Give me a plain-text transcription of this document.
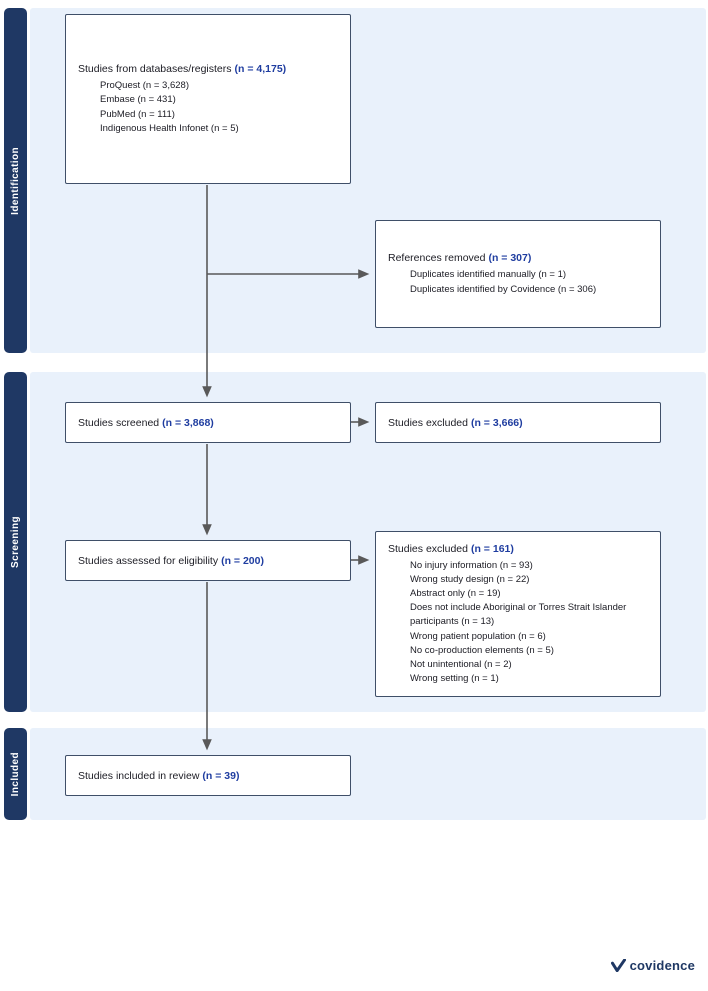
Identification
Screening
Included
Studies from databases/registers (n = 4,175)
ProQuest (n = 3,628)
Embase (n = 431)
PubMed (n = 111)
Indigenous Health Infonet (n = 5)
References removed (n = 307)
Duplicates identified manually (n = 1)
Duplicates identified by Covidence (n = 306)
Studies screened (n = 3,868)	Studies excluded (n = 3,666)
Studies assessed for eligibility (n = 200)
Studies excluded (n = 161)
No injury information (n = 93)
Wrong study design (n = 22)
Abstract only (n = 19)
Does not include Aboriginal or Torres Strait Islander participants (n = 13)
Wrong patient population (n = 6)
No co-production elements (n = 5)
Not unintentional (n = 2)
Wrong setting (n = 1)
Studies included in review (n = 39)
covidence
